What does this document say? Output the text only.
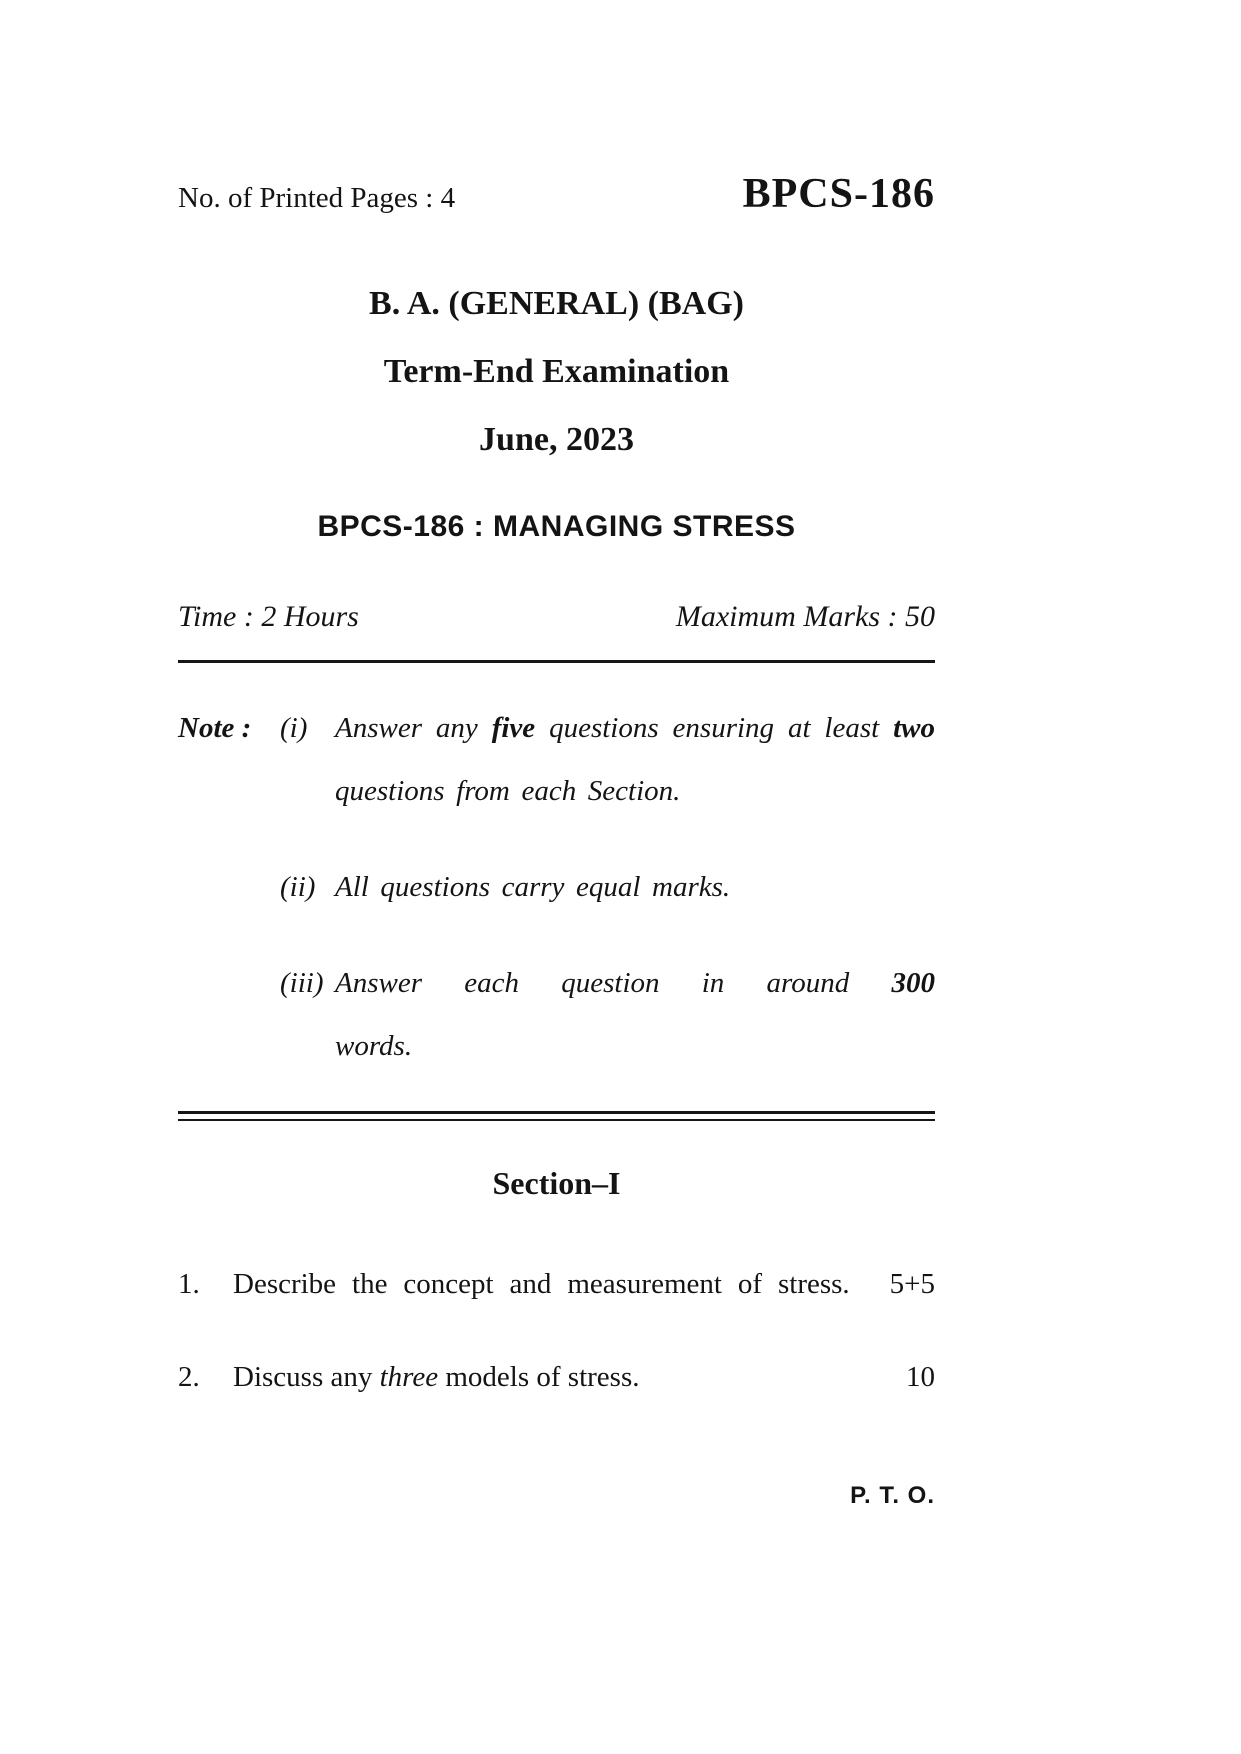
No. of Printed Pages : 4	BPCS-186
B. A. (GENERAL) (BAG)
Term-End Examination
June, 2023
BPCS-186 : MANAGING STRESS
Time : 2 Hours	Maximum Marks : 50
Note : (i) Answer any five questions ensuring at least two questions from each Section.
(ii) All questions carry equal marks.
(iii) Answer each question in around 300 words.
Section–I
1.	Describe the concept and measurement of stress.	5+5
2.	Discuss any three models of stress.	10
P. T. O.
